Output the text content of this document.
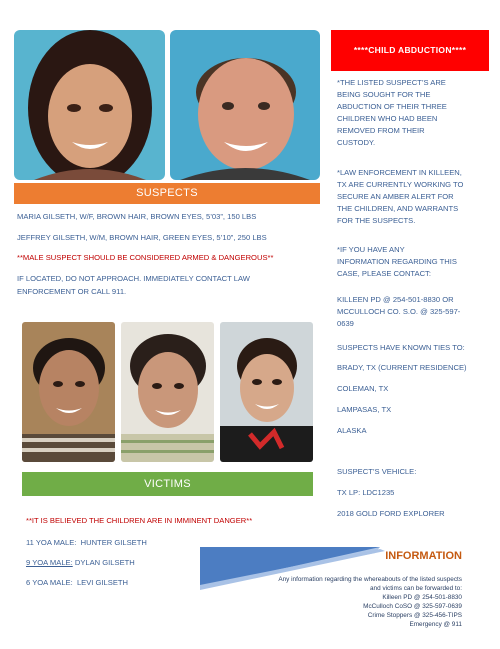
****CHILD ABDUCTION****
SUSPECTS
MARIA GILSETH, W/F, BROWN HAIR, BROWN EYES, 5’03”, 150 LBS
JEFFREY GILSETH, W/M, BROWN HAIR, GREEN EYES, 5’10”, 250 LBS
**MALE SUSPECT SHOULD BE CONSIDERED ARMED & DANGEROUS**
IF LOCATED, DO NOT APPROACH. IMMEDIATELY CONTACT LAW
ENFORCEMENT OR CALL 911.
*THE LISTED SUSPECT’S ARE
BEING SOUGHT FOR THE
ABDUCTION OF THEIR THREE
CHILDREN WHO HAD BEEN
REMOVED FROM THEIR
CUSTODY.
*LAW ENFORCEMENT IN KILLEEN,
TX ARE CURRENTLY WORKING TO
SECURE AN AMBER ALERT FOR
THE CHILDREN, AND WARRANTS
FOR THE SUSPECTS.
*IF YOU HAVE ANY
INFORMATION REGARDING THIS
CASE, PLEASE CONTACT:
KILLEEN PD @ 254-501-8830 OR
MCCULLOCH CO. S.O. @ 325-597-
0639
SUSPECTS HAVE KNOWN TIES TO:
BRADY, TX (CURRENT RESIDENCE)
COLEMAN, TX
LAMPASAS, TX
ALASKA
SUSPECT’S VEHICLE:
TX LP: LDC1235
2018 GOLD FORD EXPLORER
VICTIMS
**IT IS BELIEVED THE CHILDREN ARE IN IMMINENT DANGER**
11 YOA MALE: HUNTER GILSETH
9 YOA MALE: DYLAN GILSETH
6 YOA MALE: LEVI GILSETH
INFORMATION
Any information regarding the whereabouts of the listed suspects
and victims can be forwarded to:
Killeen PD @ 254-501-8830
McCulloch CoSO @ 325-597-0639
Crime Stoppers @ 325-456-TIPS
Emergency @ 911
